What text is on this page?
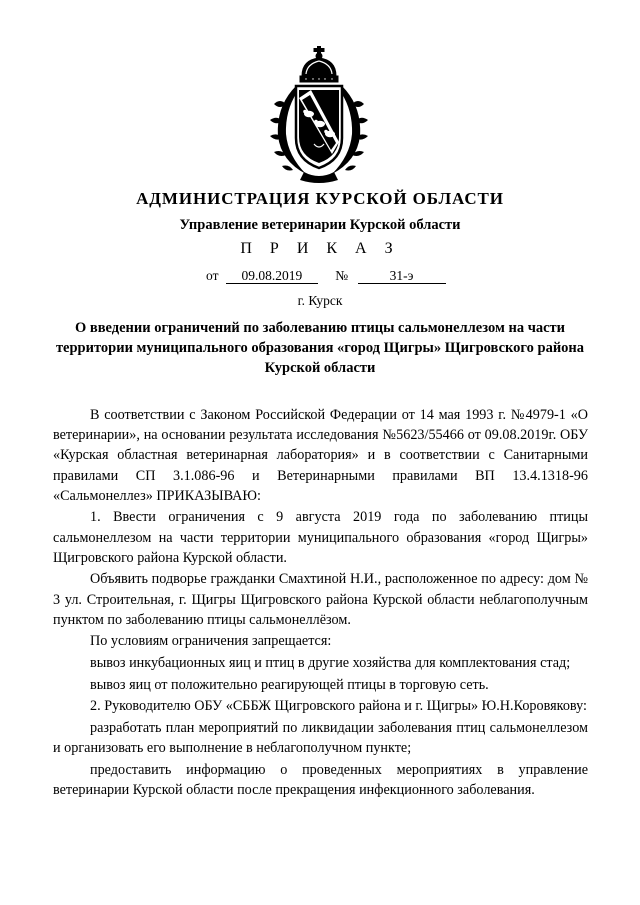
АДМИНИСТРАЦИЯ КУРСКОЙ ОБЛАСТИ
Управление ветеринарии Курской области
П Р И К А З
от 09.08.2019 №	31-э
г. Курск
О введении ограничений по заболеванию птицы сальмонеллезом на части территории муниципального образования «город Щигры» Щигровского района Курской области

В соответствии с Законом Российской Федерации от 14 мая 1993 г. №4979-1 «О ветеринарии», на основании результата исследования №5623/55466 от 09.08.2019г. ОБУ «Курская областная ветеринарная лаборатория» и в соответствии с Санитарными правилами СП 3.1.086-96 и Ветеринарными правилами ВП 13.4.1318-96 «Сальмонеллез» ПРИКАЗЫВАЮ:

1. Ввести ограничения с 9 августа 2019 года по заболеванию птицы сальмонеллезом на части территории муниципального образования «город Щигры» Щигровского района Курской области.

Объявить подворье гражданки Смахтиной Н.И., расположенное по адресу: дом № 3 ул. Строительная, г. Щигры Щигровского района Курской области неблагополучным пунктом по заболеванию птицы сальмонеллёзом.

По условиям ограничения запрещается:

вывоз инкубационных яиц и птиц в другие хозяйства для комплектования стад;

вывоз яиц от положительно реагирующей птицы в торговую сеть.

2. Руководителю ОБУ «СББЖ Щигровского района и г. Щигры» Ю.Н.Коровякову:

разработать план мероприятий по ликвидации заболевания птиц сальмонеллезом и организовать его выполнение в неблагополучном пункте;

предоставить информацию о проведенных мероприятиях в управление ветеринарии Курской области после прекращения инфекционного заболевания.
